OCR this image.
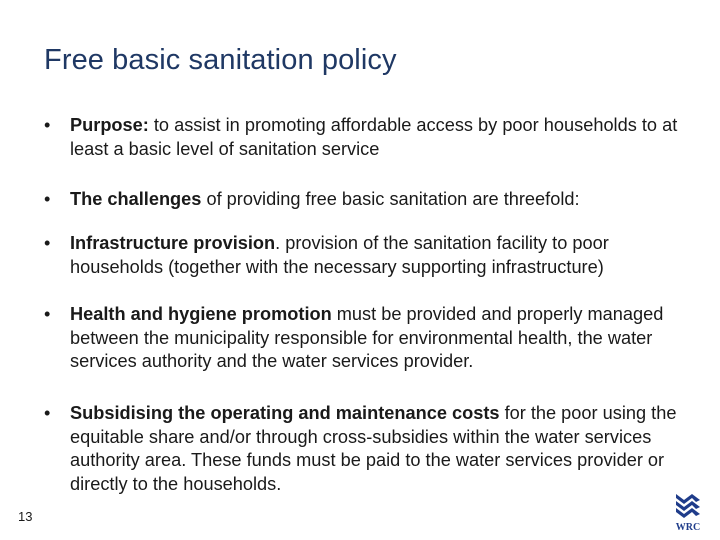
Free basic sanitation policy
•	Purpose: to assist in promoting affordable access by poor households to at least a basic level of sanitation service
•	The challenges of providing free basic sanitation are threefold:
•	Infrastructure provision. provision of the sanitation facility to poor households (together with the necessary supporting infrastructure)
•	Health and hygiene promotion must be provided and properly managed between the municipality responsible for environmental health, the water services authority and the water services provider.
•	Subsidising the operating and maintenance costs for the poor using the equitable share and/or through cross-subsidies within the water services authority area. These funds must be paid to the water services provider or directly to the households.
13
WRC
